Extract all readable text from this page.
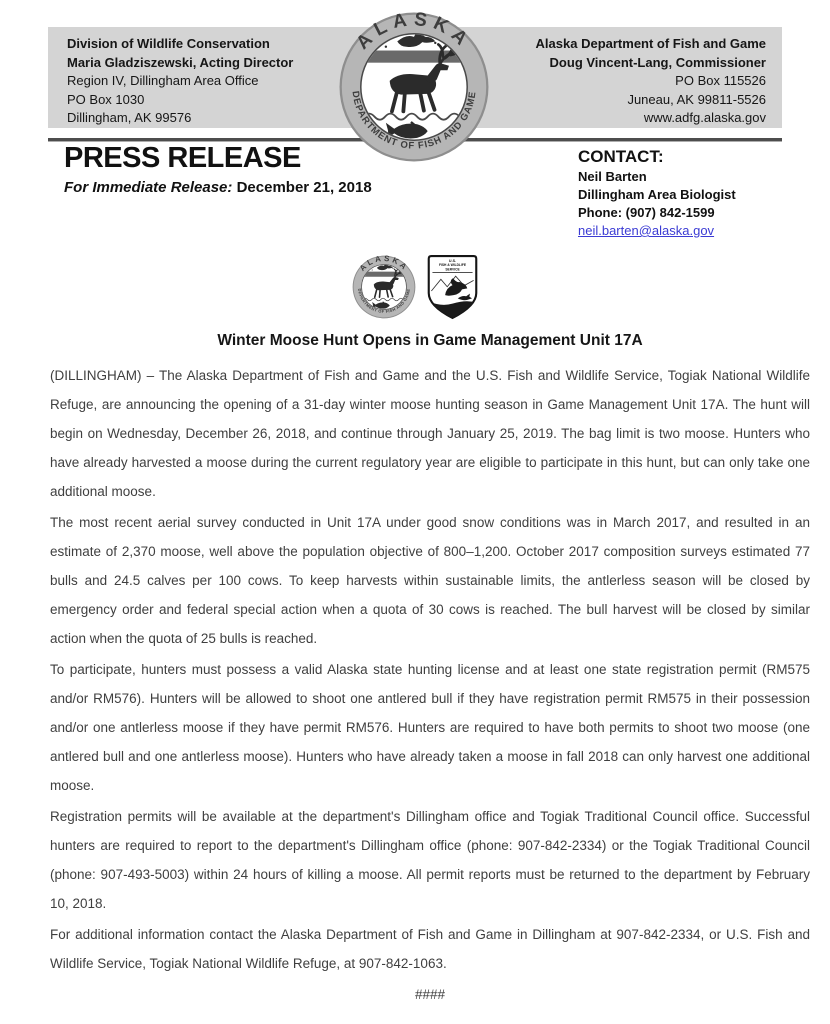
Division of Wildlife Conservation
Maria Gladziszewski, Acting Director
Region IV, Dillingham Area Office
PO Box 1030
Dillingham, AK 99576
Alaska Department of Fish and Game
Doug Vincent-Lang, Commissioner
PO Box 115526
Juneau, AK 99811-5526
www.adfg.alaska.gov
PRESS RELEASE
For Immediate Release: December 21, 2018
CONTACT:
Neil Barten
Dillingham Area Biologist
Phone: (907) 842-1599
neil.barten@alaska.gov
Winter Moose Hunt Opens in Game Management Unit 17A

(DILLINGHAM) – The Alaska Department of Fish and Game and the U.S. Fish and Wildlife Service, Togiak National Wildlife Refuge, are announcing the opening of a 31-day winter moose hunting season in Game Management Unit 17A. The hunt will begin on Wednesday, December 26, 2018, and continue through January 25, 2019. The bag limit is two moose. Hunters who have already harvested a moose during the current regulatory year are eligible to participate in this hunt, but can only take one additional moose.

The most recent aerial survey conducted in Unit 17A under good snow conditions was in March 2017, and resulted in an estimate of 2,370 moose, well above the population objective of 800–1,200. October 2017 composition surveys estimated 77 bulls and 24.5 calves per 100 cows. To keep harvests within sustainable limits, the antlerless season will be closed by emergency order and federal special action when a quota of 30 cows is reached. The bull harvest will be closed by similar action when the quota of 25 bulls is reached.

To participate, hunters must possess a valid Alaska state hunting license and at least one state registration permit (RM575 and/or RM576). Hunters will be allowed to shoot one antlered bull if they have registration permit RM575 in their possession and/or one antlerless moose if they have permit RM576. Hunters are required to have both permits to shoot two moose (one antlered bull and one antlerless moose). Hunters who have already taken a moose in fall 2018 can only harvest one additional moose.

Registration permits will be available at the department's Dillingham office and Togiak Traditional Council office. Successful hunters are required to report to the department's Dillingham office (phone: 907-842-2334) or the Togiak Traditional Council (phone: 907-493-5003) within 24 hours of killing a moose. All permit reports must be returned to the department by February 10, 2018.

For additional information contact the Alaska Department of Fish and Game in Dillingham at 907-842-2334, or U.S. Fish and Wildlife Service, Togiak National Wildlife Refuge, at 907-842-1063.

####
